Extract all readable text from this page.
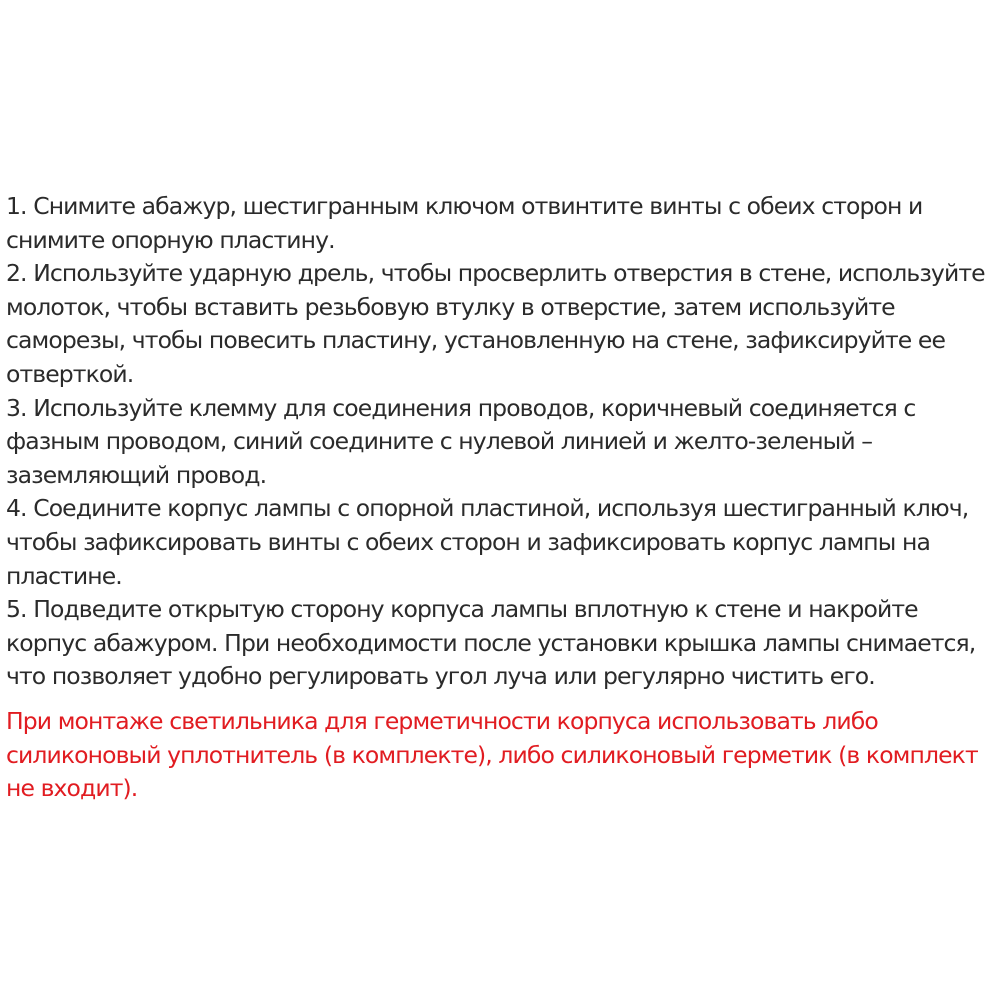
1. Снимите абажур, шестигранным ключом отвинтите винты с обеих сторон и снимите опорную пластину.

2. Используйте ударную дрель, чтобы просверлить отверстия в стене, используйте молоток, чтобы вставить резьбовую втулку в отверстие, затем используйте саморезы, чтобы повесить пластину, установленную на стене, зафиксируйте ее отверткой.

3. Используйте клемму для соединения проводов, коричневый соединяется с фазным проводом, синий соедините с нулевой линией и желто-зеленый – заземляющий провод.

4. Соедините корпус лампы с опорной пластиной, используя шестигранный ключ, чтобы зафиксировать винты с обеих сторон и зафиксировать корпус лампы на пластине.

5. Подведите открытую сторону корпуса лампы вплотную к стене и накройте корпус абажуром. При необходимости после установки крышка лампы снимается, что позволяет удобно регулировать угол луча или регулярно чистить его.

При монтаже светильника для герметичности корпуса использовать либо силиконовый уплотнитель (в комплекте), либо силиконовый герметик (в комплект не входит).
